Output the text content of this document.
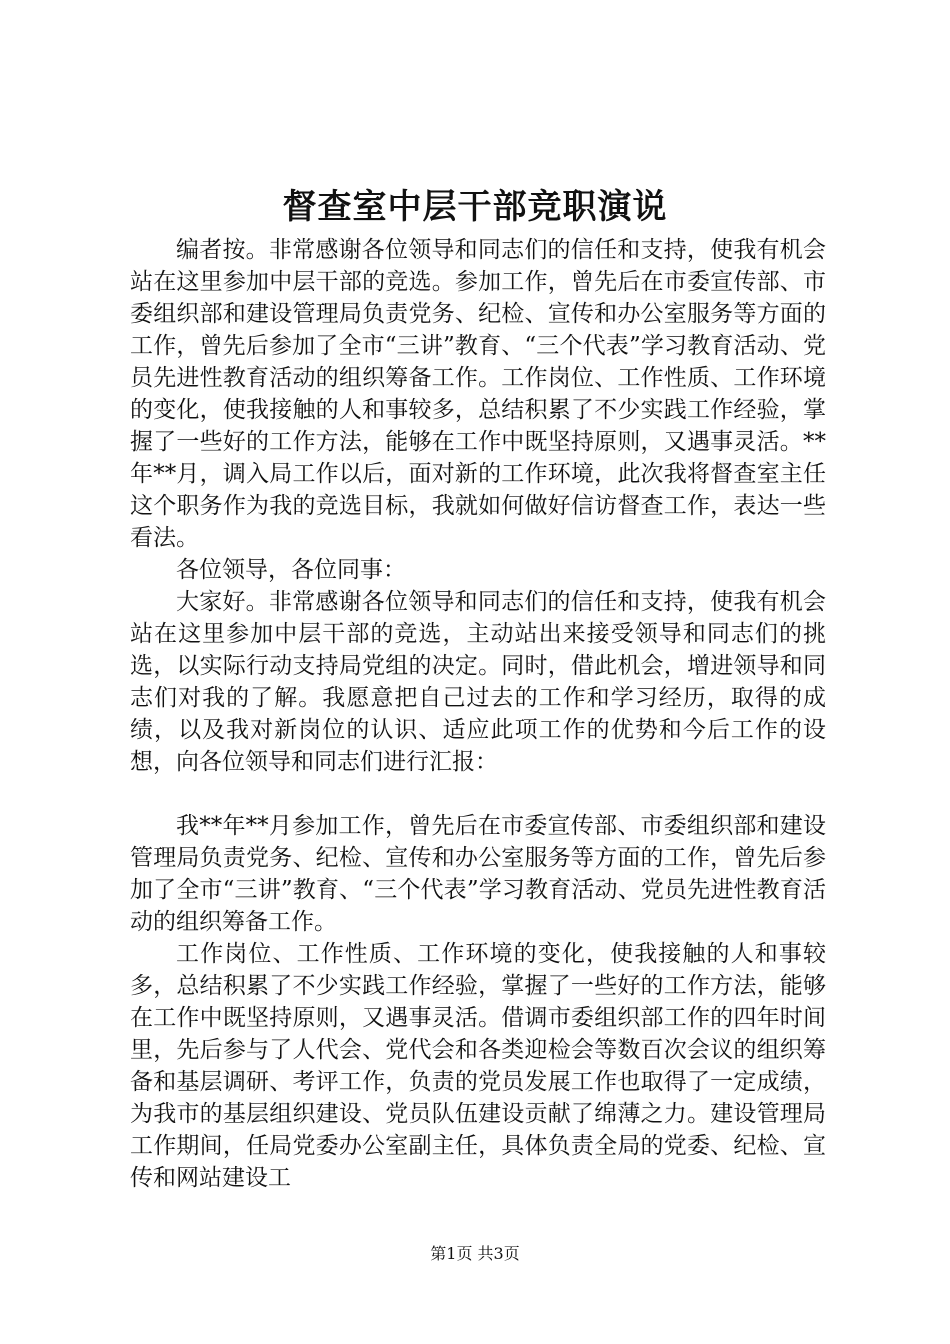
督查室中层干部竞职演说

编者按。非常感谢各位领导和同志们的信任和支持，使我有机会站在这里参加中层干部的竞选。参加工作，曾先后在市委宣传部、市委组织部和建设管理局负责党务、纪检、宣传和办公室服务等方面的工作，曾先后参加了全市“三讲”教育、“三个代表”学习教育活动、党员先进性教育活动的组织筹备工作。工作岗位、工作性质、工作环境的变化，使我接触的人和事较多，总结积累了不少实践工作经验，掌握了一些好的工作方法，能够在工作中既坚持原则，又遇事灵活。**年**月，调入局工作以后，面对新的工作环境，此次我将督查室主任这个职务作为我的竞选目标，我就如何做好信访督查工作，表达一些看法。

各位领导，各位同事：

大家好。非常感谢各位领导和同志们的信任和支持，使我有机会站在这里参加中层干部的竞选，主动站出来接受领导和同志们的挑选，以实际行动支持局党组的决定。同时，借此机会，增进领导和同志们对我的了解。我愿意把自己过去的工作和学习经历，取得的成绩，以及我对新岗位的认识、适应此项工作的优势和今后工作的设想，向各位领导和同志们进行汇报：

我**年**月参加工作，曾先后在市委宣传部、市委组织部和建设管理局负责党务、纪检、宣传和办公室服务等方面的工作，曾先后参加了全市“三讲”教育、“三个代表”学习教育活动、党员先进性教育活动的组织筹备工作。

工作岗位、工作性质、工作环境的变化，使我接触的人和事较多，总结积累了不少实践工作经验，掌握了一些好的工作方法，能够在工作中既坚持原则，又遇事灵活。借调市委组织部工作的四年时间里，先后参与了人代会、党代会和各类迎检会等数百次会议的组织筹备和基层调研、考评工作，负责的党员发展工作也取得了一定成绩，为我市的基层组织建设、党员队伍建设贡献了绵薄之力。建设管理局工作期间，任局党委办公室副主任，具体负责全局的党委、纪检、宣传和网站建设工

第1页 共3页
